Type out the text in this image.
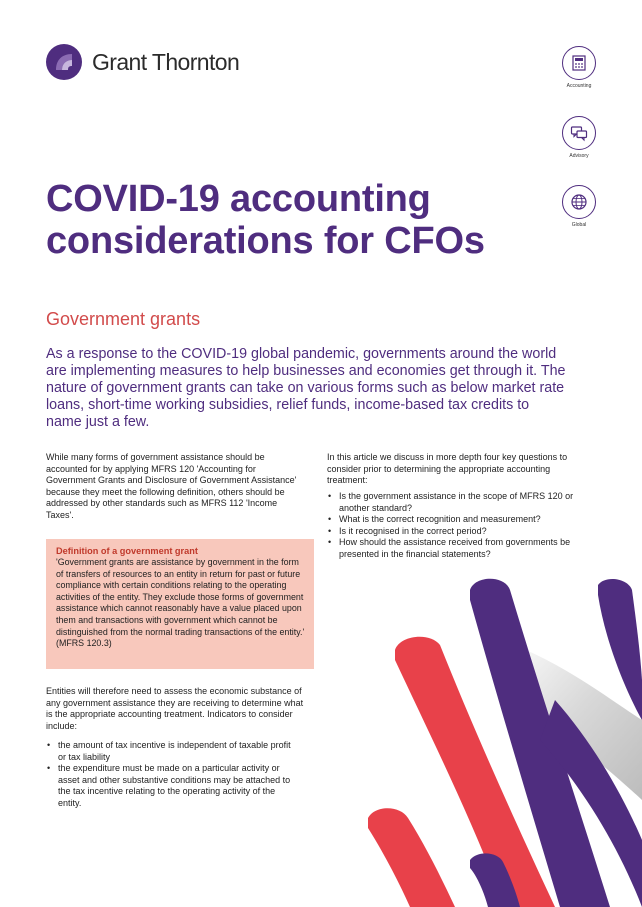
Grant Thornton
Accounting
Advisory
Global
COVID-19 accounting considerations for CFOs
Government grants

As a response to the COVID-19 global pandemic, governments around the world are implementing measures to help businesses and economies get through it. The nature of government grants can take on various forms such as below market rate loans, short-time working subsidies, relief funds, income-based tax credits to name just a few.

While many forms of government assistance should be accounted for by applying MFRS 120 'Accounting for Government Grants and Disclosure of Government Assistance' because they meet the following definition, others should be addressed by other standards such as MFRS 112 'Income Taxes'.

Definition of a government grant

'Government grants are assistance by government in the form of transfers of resources to an entity in return for past or future compliance with certain conditions relating to the operating activities of the entity. They exclude those forms of government assistance which cannot reasonably have a value placed upon them and transactions with government which cannot be distinguished from the normal trading transactions of the entity.' (MFRS 120.3)

Entities will therefore need to assess the economic substance of any government assistance they are receiving to determine what is the appropriate accounting treatment. Indicators to consider include:

• the amount of tax incentive is independent of taxable profit or tax liability
• the expenditure must be made on a particular activity or asset and other substantive conditions may be attached to the tax incentive relating to the operating activity of the entity.

In this article we discuss in more depth four key questions to consider prior to determining the appropriate accounting treatment:

• Is the government assistance in the scope of MFRS 120 or another standard?
• What is the correct recognition and measurement?
• Is it recognised in the correct period?
• How should the assistance received from governments be presented in the financial statements?
